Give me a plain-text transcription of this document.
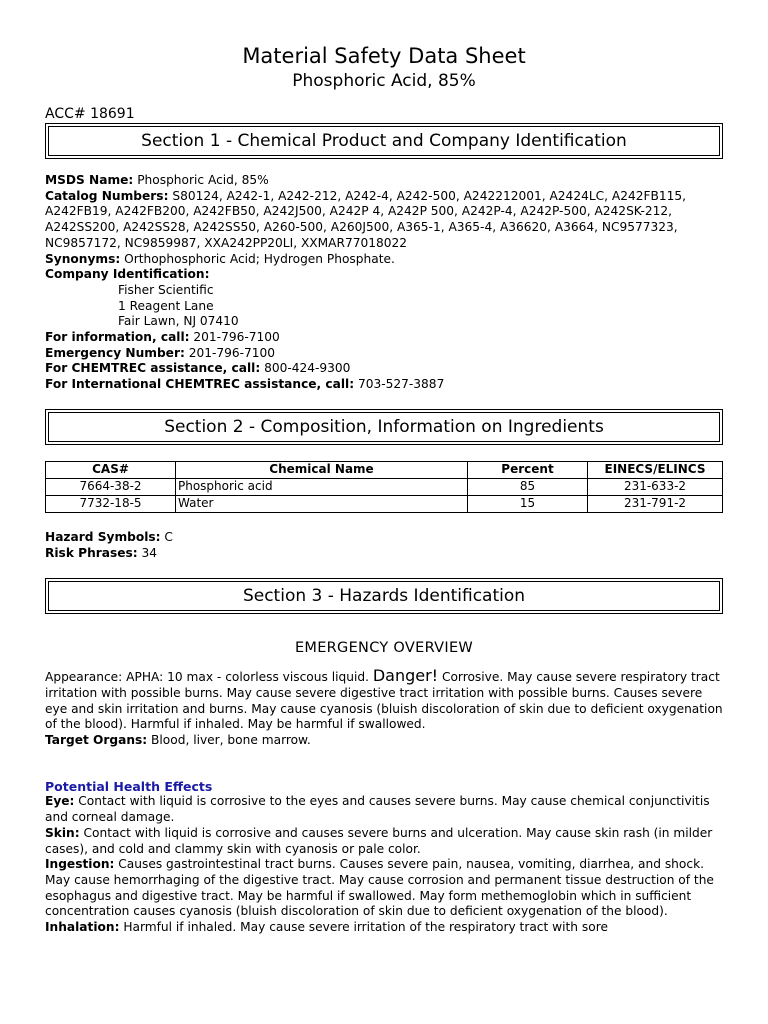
Material Safety Data Sheet
Phosphoric Acid, 85%
ACC# 18691
Section 1 - Chemical Product and Company Identification
MSDS Name: Phosphoric Acid, 85%
Catalog Numbers: S80124, A242-1, A242-212, A242-4, A242-500, A242212001, A2424LC, A242FB115, A242FB19, A242FB200, A242FB50, A242J500, A242P 4, A242P 500, A242P-4, A242P-500, A242SK-212, A242SS200, A242SS28, A242SS50, A260-500, A260J500, A365-1, A365-4, A36620, A3664, NC9577323, NC9857172, NC9859987, XXA242PP20LI, XXMAR77018022
Synonyms: Orthophosphoric Acid; Hydrogen Phosphate.
Company Identification:
Fisher Scientific
1 Reagent Lane
Fair Lawn, NJ 07410
For information, call: 201-796-7100
Emergency Number: 201-796-7100
For CHEMTREC assistance, call: 800-424-9300
For International CHEMTREC assistance, call: 703-527-3887
Section 2 - Composition, Information on Ingredients
CAS#	Chemical Name	Percent	EINECS/ELINCS
7664-38-2	Phosphoric acid	85	231-633-2
7732-18-5	Water	15	231-791-2
Hazard Symbols: C
Risk Phrases: 34
Section 3 - Hazards Identification
EMERGENCY OVERVIEW
Appearance: APHA: 10 max - colorless viscous liquid. Danger! Corrosive. May cause severe respiratory tract irritation with possible burns. May cause severe digestive tract irritation with possible burns. Causes severe eye and skin irritation and burns. May cause cyanosis (bluish discoloration of skin due to deficient oxygenation of the blood). Harmful if inhaled. May be harmful if swallowed.
Target Organs: Blood, liver, bone marrow.
Potential Health Effects
Eye: Contact with liquid is corrosive to the eyes and causes severe burns. May cause chemical conjunctivitis and corneal damage.
Skin: Contact with liquid is corrosive and causes severe burns and ulceration. May cause skin rash (in milder cases), and cold and clammy skin with cyanosis or pale color.
Ingestion: Causes gastrointestinal tract burns. Causes severe pain, nausea, vomiting, diarrhea, and shock. May cause hemorrhaging of the digestive tract. May cause corrosion and permanent tissue destruction of the esophagus and digestive tract. May be harmful if swallowed. May form methemoglobin which in sufficient concentration causes cyanosis (bluish discoloration of skin due to deficient oxygenation of the blood).
Inhalation: Harmful if inhaled. May cause severe irritation of the respiratory tract with sore
